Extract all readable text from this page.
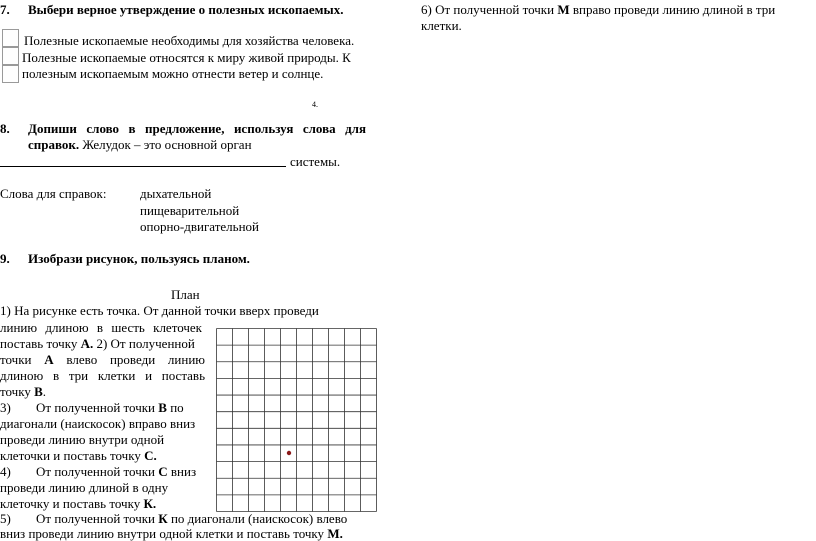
7. Выбери верное утверждение о полезных ископаемых.
Полезные ископаемые необходимы для хозяйства человека.
Полезные ископаемые относятся к миру живой природы. К
полезным ископаемым можно отнести ветер и солнце.
4.
8. Допиши слово в предложение, используя слова для
справок. Желудок – это основной орган
системы.
Слова для справок:	дыхательной
пищеварительной
опорно-двигательной
9. Изобрази рисунок, пользуясь планом.
План
1) На рисунке есть точка. От данной точки вверх проведи
линию длиною в шесть клеточек
поставь точку А. 2) От полученной
точки А влево проведи линию
длиною в три клетки и поставь
точку В.
3) От полученной точки В по
диагонали (наискосок) вправо вниз
проведи линию внутри одной
клеточки и поставь точку С.
4) От полученной точки С вниз
проведи линию длиной в одну
клеточку и поставь точку К.
5) От полученной точки К по диагонали (наискосок) влево
вниз проведи линию внутри одной клетки и поставь точку М.
6) От полученной точки М вправо проведи линию длиной в три
клетки.
